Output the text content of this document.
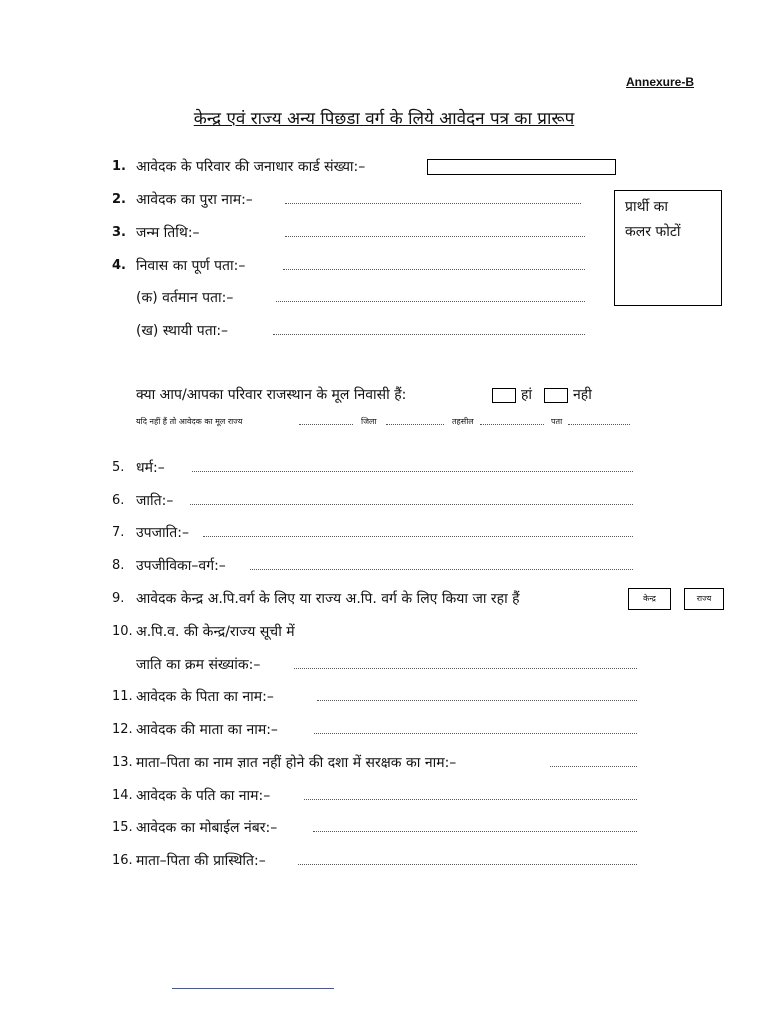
Annexure-B
केन्द्र एवं राज्य अन्य पिछडा वर्ग के लिये आवेदन पत्र का प्रारूप
1. आवेदक के परिवार की जनाधार कार्ड संख्या:–
2. आवेदक का पुरा नाम:–
3. जन्म तिथि:–
4. निवास का पूर्ण पता:–
(क) वर्तमान पता:–
(ख) स्थायी पता:–
प्रार्थी का
कलर फोटों
क्या आप/आपका परिवार राजस्थान के मूल निवासी हैं:	हां	नही
यदि नहीं हैं तो आवेदक का मूल राज्य	जिला	तहसील	पता
5. धर्म:–
6. जाति:–
7. उपजाति:–
8. उपजीविका–वर्ग:–
9. आवेदक केन्द्र अ.पि.वर्ग के लिए या राज्य अ.पि. वर्ग के लिए किया जा रहा हैं	केन्द्र	राज्य
10. अ.पि.व. की केन्द्र/राज्य सूची में
जाति का क्रम संख्यांक:–
11. आवेदक के पिता का नाम:–
12. आवेदक की माता का नाम:–
13. माता–पिता का नाम ज्ञात नहीं होने की दशा में सरक्षक का नाम:–
14. आवेदक के पति का नाम:–
15. आवेदक का मोबाईल नंबर:–
16. माता–पिता की प्रास्थिति:–
